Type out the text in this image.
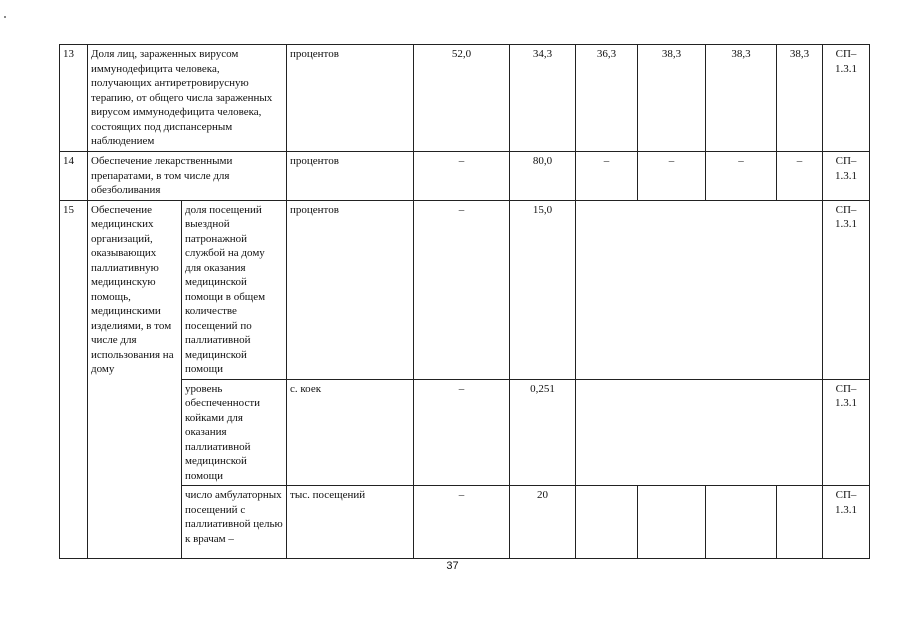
13	Доля лиц, зараженных вирусом иммунодефицита человека, получающих антиретровирусную терапию, от общего числа зараженных вирусом иммунодефицита человека, состоящих под диспансерным наблюдением		процентов	52,0	34,3	36,3	38,3	38,3	38,3	СП–1.3.1
14	Обеспечение лекарственными препаратами, в том числе для обезболивания		процентов	–	80,0	–	–	–	–	СП–1.3.1
15	Обеспечение медицинских организаций, оказывающих паллиативную медицинскую помощь, медицинскими изделиями, в том числе для использования на дому	доля посещений выездной патронажной службой на дому для оказания медицинской помощи в общем количестве посещений по паллиативной медицинской помощи	процентов	–	15,0					СП–1.3.1
		уровень обеспеченности койками для оказания паллиативной медицинской помощи	с. коек	–	0,251					СП–1.3.1
		число амбулаторных посещений с паллиативной целью к врачам –	тыс. посещений	–	20					СП–1.3.1
37
